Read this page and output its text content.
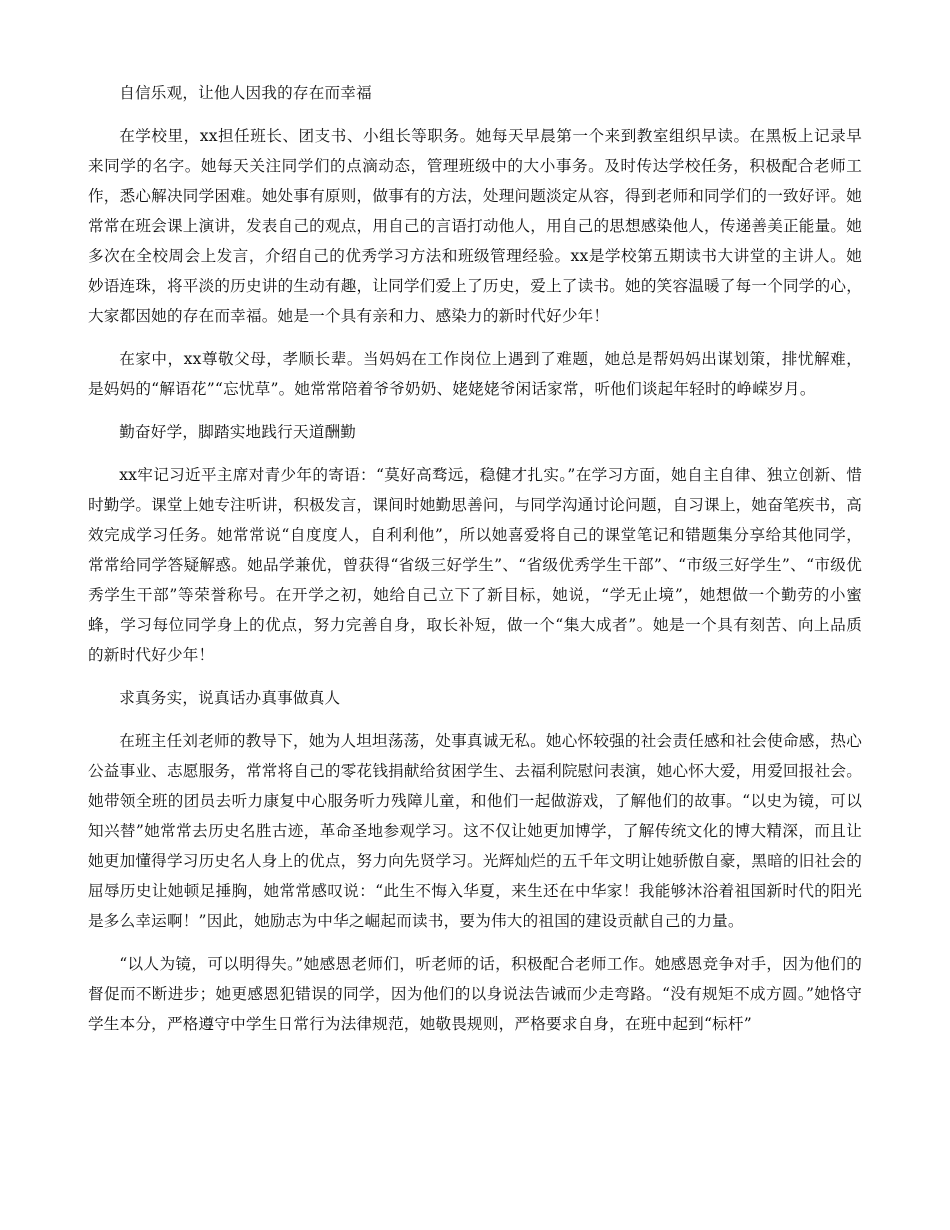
自信乐观，让他人因我的存在而幸福

在学校里，xx担任班长、团支书、小组长等职务。她每天早晨第一个来到教室组织早读。在黑板上记录早来同学的名字。她每天关注同学们的点滴动态，管理班级中的大小事务。及时传达学校任务，积极配合老师工作，悉心解决同学困难。她处事有原则，做事有的方法，处理问题淡定从容，得到老师和同学们的一致好评。她常常在班会课上演讲，发表自己的观点，用自己的言语打动他人，用自己的思想感染他人，传递善美正能量。她多次在全校周会上发言，介绍自己的优秀学习方法和班级管理经验。xx是学校第五期读书大讲堂的主讲人。她妙语连珠，将平淡的历史讲的生动有趣，让同学们爱上了历史，爱上了读书。她的笑容温暖了每一个同学的心，大家都因她的存在而幸福。她是一个具有亲和力、感染力的新时代好少年！

在家中，xx尊敬父母，孝顺长辈。当妈妈在工作岗位上遇到了难题，她总是帮妈妈出谋划策，排忧解难，是妈妈的“解语花”“忘忧草”。她常常陪着爷爷奶奶、姥姥姥爷闲话家常，听他们谈起年轻时的峥嵘岁月。

勤奋好学，脚踏实地践行天道酬勤

xx牢记习近平主席对青少年的寄语：“莫好高骛远，稳健才扎实。”在学习方面，她自主自律、独立创新、惜时勤学。课堂上她专注听讲，积极发言，课间时她勤思善问，与同学沟通讨论问题，自习课上，她奋笔疾书，高效完成学习任务。她常常说“自度度人，自利利他”，所以她喜爱将自己的课堂笔记和错题集分享给其他同学，常常给同学答疑解惑。她品学兼优，曾获得“省级三好学生”、“省级优秀学生干部”、“市级三好学生”、“市级优秀学生干部”等荣誉称号。在开学之初，她给自己立下了新目标，她说，“学无止境”，她想做一个勤劳的小蜜蜂，学习每位同学身上的优点，努力完善自身，取长补短，做一个“集大成者”。她是一个具有刻苦、向上品质的新时代好少年！

求真务实，说真话办真事做真人

在班主任刘老师的教导下，她为人坦坦荡荡，处事真诚无私。她心怀较强的社会责任感和社会使命感，热心公益事业、志愿服务，常常将自己的零花钱捐献给贫困学生、去福利院慰问表演，她心怀大爱，用爱回报社会。她带领全班的团员去听力康复中心服务听力残障儿童，和他们一起做游戏，了解他们的故事。“以史为镜，可以知兴替”她常常去历史名胜古迹，革命圣地参观学习。这不仅让她更加博学，了解传统文化的博大精深，而且让她更加懂得学习历史名人身上的优点，努力向先贤学习。光辉灿烂的五千年文明让她骄傲自豪，黑暗的旧社会的屈辱历史让她顿足捶胸，她常常感叹说：“此生不悔入华夏，来生还在中华家！我能够沐浴着祖国新时代的阳光是多么幸运啊！”因此，她励志为中华之崛起而读书，要为伟大的祖国的建设贡献自己的力量。

“以人为镜，可以明得失。”她感恩老师们，听老师的话，积极配合老师工作。她感恩竞争对手，因为他们的督促而不断进步；她更感恩犯错误的同学，因为他们的以身说法告诫而少走弯路。“没有规矩不成方圆。”她恪守学生本分，严格遵守中学生日常行为法律规范，她敬畏规则，严格要求自身，在班中起到“标杆”
